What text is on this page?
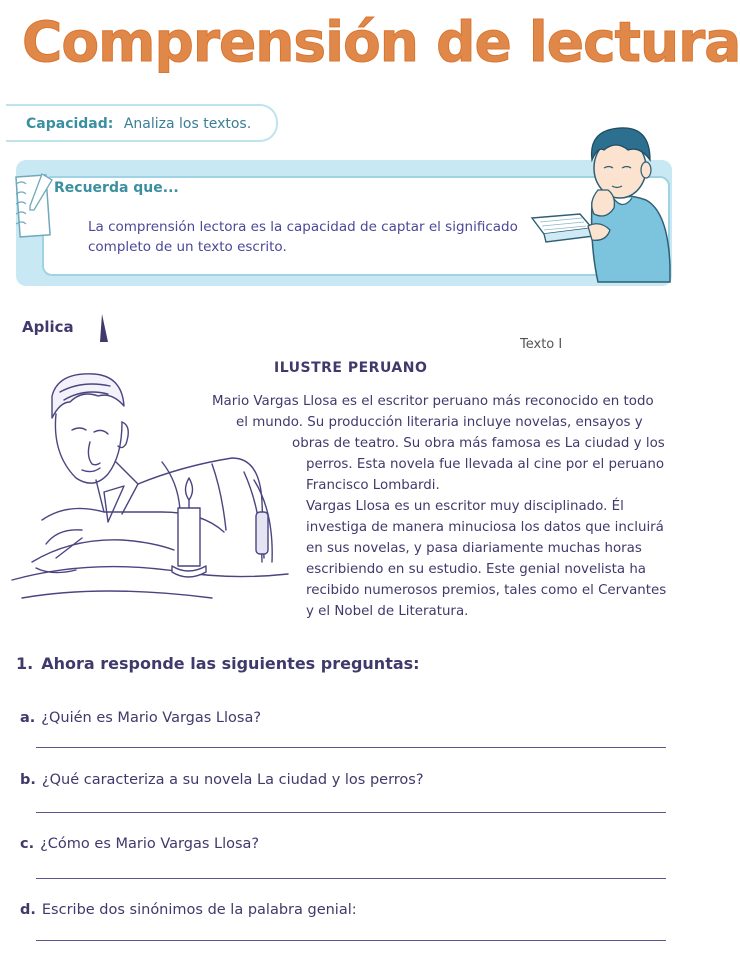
Comprensión de lectura
Capacidad: Analiza los textos.
Recuerda que...
La comprensión lectora es la capacidad de captar el significado
completo de un texto escrito.
Aplica
Texto I
ILUSTRE PERUANO
Mario Vargas Llosa es el escritor peruano más reconocido en todo
el mundo. Su producción literaria incluye novelas, ensayos y
obras de teatro. Su obra más famosa es La ciudad y los
perros. Esta novela fue llevada al cine por el peruano
Francisco Lombardi.
Vargas Llosa es un escritor muy disciplinado. Él
investiga de manera minuciosa los datos que incluirá
en sus novelas, y pasa diariamente muchas horas
escribiendo en su estudio. Este genial novelista ha
recibido numerosos premios, tales como el Cervantes
y el Nobel de Literatura.
1. Ahora responde las siguientes preguntas:
a. ¿Quién es Mario Vargas Llosa?
b. ¿Qué caracteriza a su novela La ciudad y los perros?
c. ¿Cómo es Mario Vargas Llosa?
d. Escribe dos sinónimos de la palabra genial:
